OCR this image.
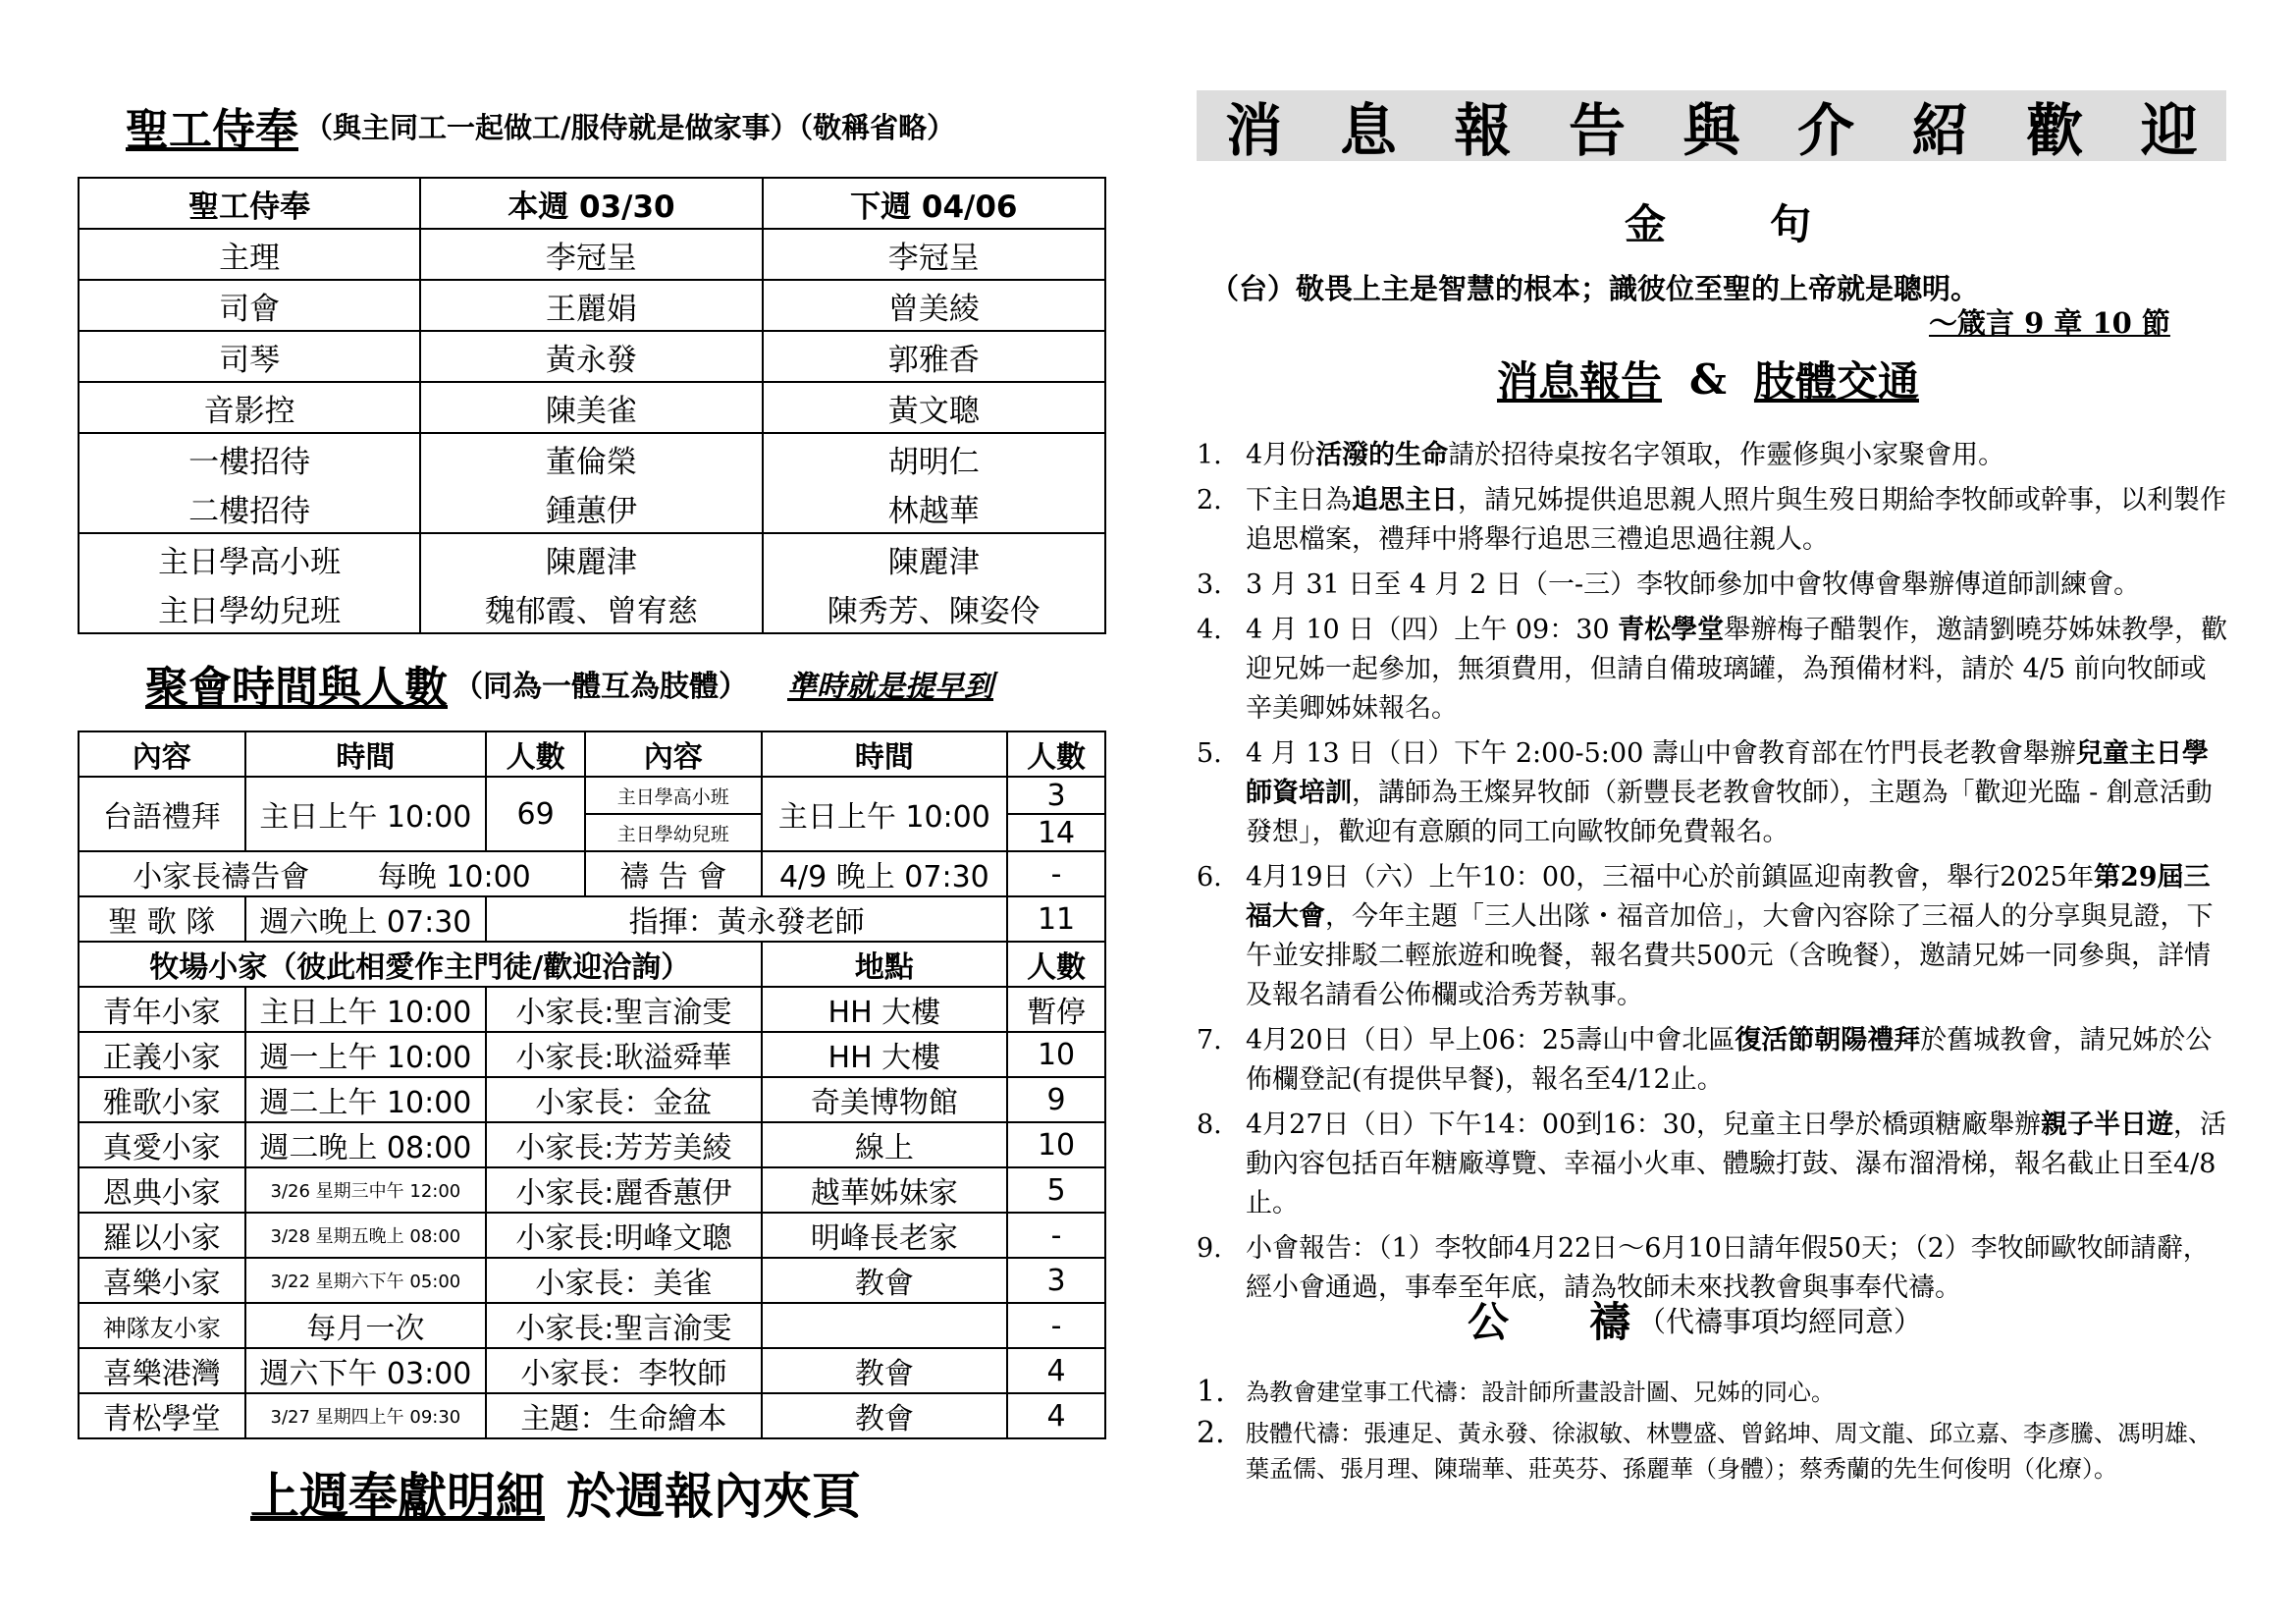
聖工侍奉 （與主同工一起做工/服侍就是做家事）（敬稱省略）
聖工侍奉	本週 03/30	下週 04/06
主理	李冠呈	李冠呈
司會	王麗娟	曾美綾
司琴	黃永發	郭雅香
音影控	陳美雀	黃文聰
一樓招待	董倫榮	胡明仁
二樓招待	鍾蕙伊	林越華
主日學高小班	陳麗津	陳麗津
主日學幼兒班	魏郁霞、曾宥慈	陳秀芳、陳姿伶
聚會時間與人數 （同為一體互為肢體） 準時就是提早到
內容	時間	人數	內容	時間	人數
台語禮拜	主日上午 10:00	69	主日學高小班	主日上午 10:00	3
			主日學幼兒班		14
小家長禱告會 每晚 10:00			禱 告 會	4/9 晚上 07:30	-
聖 歌 隊	週六晚上 07:30	指揮：黃永發老師			11
牧場小家（彼此相愛作主門徒/歡迎洽詢）				地點	人數
青年小家	主日上午 10:00	小家長:聖言渝雯		HH 大樓	暫停
正義小家	週一上午 10:00	小家長:耿溢舜華		HH 大樓	10
雅歌小家	週二上午 10:00	小家長：金盆		奇美博物館	9
真愛小家	週二晚上 08:00	小家長:芳芳美綾		線上	10
恩典小家	3/26 星期三中午 12:00	小家長:麗香蕙伊		越華姊妹家	5
羅以小家	3/28 星期五晚上 08:00	小家長:明峰文聰		明峰長老家	-
喜樂小家	3/22 星期六下午 05:00	小家長：美雀		教會	3
神隊友小家	每月一次	小家長:聖言渝雯			-
喜樂港灣	週六下午 03:00	小家長：李牧師		教會	4
青松學堂	3/27 星期四上午 09:30	主題：生命繪本		教會	4
上週奉獻明細 於週報內夾頁
消	息	報	告	與	介	紹	歡	迎
金	句
（台）敬畏上主是智慧的根本；識彼位至聖的上帝就是聰明。
～箴言 9 章 10 節
消息報告 & 肢體交通
1. 4月份活潑的生命請於招待桌按名字領取，作靈修與小家聚會用。
2. 下主日為追思主日，請兄姊提供追思親人照片與生歿日期給李牧師或幹事，以利製作追思檔案，禮拜中將舉行追思三禮追思過往親人。
3. 3 月 31 日至 4 月 2 日（一-三）李牧師參加中會牧傳會舉辦傳道師訓練會。
4. 4 月 10 日（四）上午 09：30 青松學堂舉辦梅子醋製作，邀請劉曉芬姊妹教學，歡迎兄姊一起參加，無須費用，但請自備玻璃罐，為預備材料，請於 4/5 前向牧師或辛美卿姊妹報名。
5. 4 月 13 日（日）下午 2:00-5:00 壽山中會教育部在竹門長老教會舉辦兒童主日學師資培訓，講師為王燦昇牧師（新豐長老教會牧師），主題為「歡迎光臨 - 創意活動發想」，歡迎有意願的同工向歐牧師免費報名。
6. 4月19日（六）上午10：00，三福中心於前鎮區迎南教會，舉行2025年第29屆三福大會，今年主題「三人出隊・福音加倍」，大會內容除了三福人的分享與見證，下午並安排駁二輕旅遊和晚餐，報名費共500元（含晚餐），邀請兄姊一同參與，詳情及報名請看公佈欄或洽秀芳執事。
7. 4月20日（日）早上06：25壽山中會北區復活節朝陽禮拜於舊城教會，請兄姊於公佈欄登記(有提供早餐)，報名至4/12止。
8. 4月27日（日）下午14：00到16：30，兒童主日學於橋頭糖廠舉辦親子半日遊，活動內容包括百年糖廠導覽、幸福小火車、體驗打鼓、瀑布溜滑梯，報名截止日至4/8止。
9. 小會報告：（1）李牧師4月22日～6月10日請年假50天；（2）李牧師歐牧師請辭，經小會通過，事奉至年底，請為牧師未來找教會與事奉代禱。
公 禱 （代禱事項均經同意）
1. 為教會建堂事工代禱：設計師所畫設計圖、兄姊的同心。
2. 肢體代禱：張連足、黃永發、徐淑敏、林豐盛、曾銘坤、周文龍、邱立嘉、李彥騰、馮明雄、葉孟儒、張月理、陳瑞華、莊英芬、孫麗華（身體）；蔡秀蘭的先生何俊明（化療）。
